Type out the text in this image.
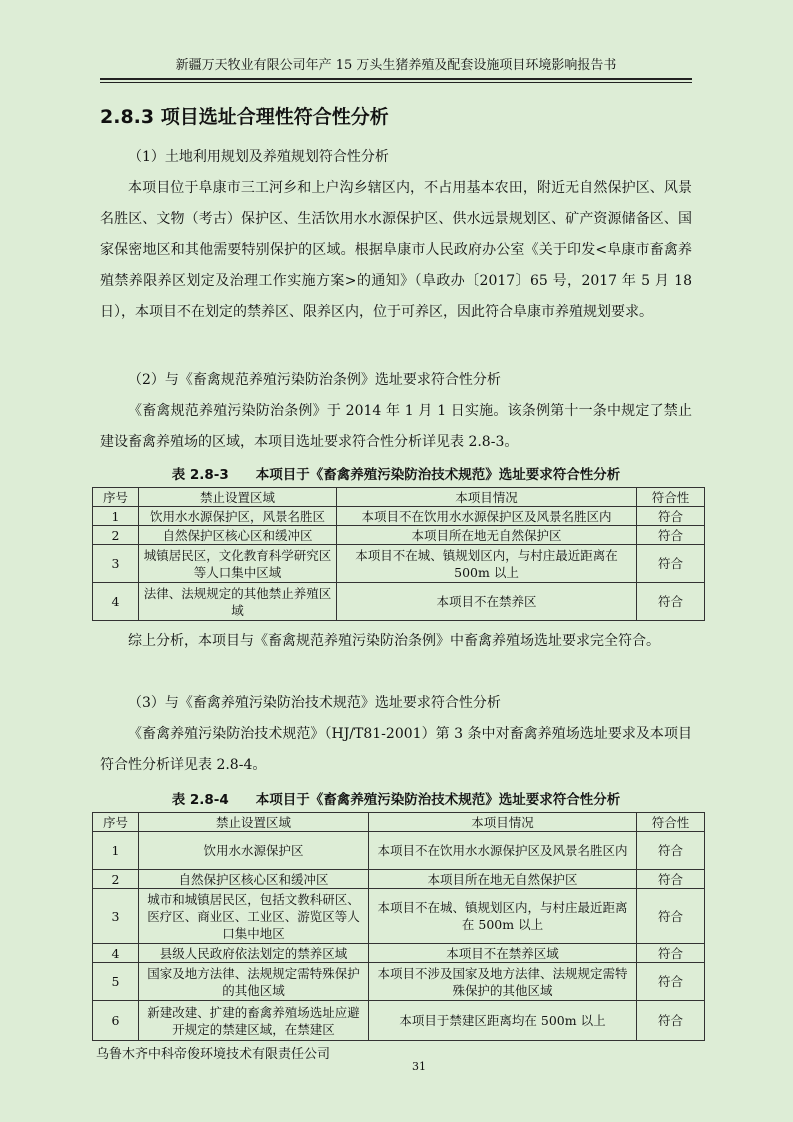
新疆万天牧业有限公司年产 15 万头生猪养殖及配套设施项目环境影响报告书
2.8.3 项目选址合理性符合性分析
（1）土地利用规划及养殖规划符合性分析
本项目位于阜康市三工河乡和上户沟乡辖区内，不占用基本农田，附近无自然保护区、风景名胜区、文物（考古）保护区、生活饮用水水源保护区、供水远景规划区、矿产资源储备区、国家保密地区和其他需要特别保护的区域。根据阜康市人民政府办公室《关于印发<阜康市畜禽养殖禁养限养区划定及治理工作实施方案>的通知》（阜政办〔2017〕65 号，2017 年 5 月 18 日），本项目不在划定的禁养区、限养区内，位于可养区，因此符合阜康市养殖规划要求。
（2）与《畜禽规范养殖污染防治条例》选址要求符合性分析
《畜禽规范养殖污染防治条例》于 2014 年 1 月 1 日实施。该条例第十一条中规定了禁止建设畜禽养殖场的区域，本项目选址要求符合性分析详见表 2.8-3。
表 2.8-3　　本项目于《畜禽养殖污染防治技术规范》选址要求符合性分析
序号	禁止设置区域	本项目情况	符合性
1	饮用水水源保护区，风景名胜区	本项目不在饮用水水源保护区及风景名胜区内	符合
2	自然保护区核心区和缓冲区	本项目所在地无自然保护区	符合
3	城镇居民区，文化教育科学研究区等人口集中区域	本项目不在城、镇规划区内，与村庄最近距离在 500m 以上	符合
4	法律、法规规定的其他禁止养殖区域	本项目不在禁养区	符合
综上分析，本项目与《畜禽规范养殖污染防治条例》中畜禽养殖场选址要求完全符合。
（3）与《畜禽养殖污染防治技术规范》选址要求符合性分析
《畜禽养殖污染防治技术规范》（HJ/T81-2001）第 3 条中对畜禽养殖场选址要求及本项目符合性分析详见表 2.8-4。
表 2.8-4　　本项目于《畜禽养殖污染防治技术规范》选址要求符合性分析
序号	禁止设置区域	本项目情况	符合性
1	饮用水水源保护区	本项目不在饮用水水源保护区及风景名胜区内	符合
2	自然保护区核心区和缓冲区	本项目所在地无自然保护区	符合
3	城市和城镇居民区，包括文教科研区、医疗区、商业区、工业区、游览区等人口集中地区	本项目不在城、镇规划区内，与村庄最近距离在 500m 以上	符合
4	县级人民政府依法划定的禁养区域	本项目不在禁养区域	符合
5	国家及地方法律、法规规定需特殊保护的其他区域	本项目不涉及国家及地方法律、法规规定需特殊保护的其他区域	符合
6	新建改建、扩建的畜禽养殖场选址应避开规定的禁建区域，在禁建区	本项目于禁建区距离均在 500m 以上	符合
乌鲁木齐中科帝俊环境技术有限责任公司
31
